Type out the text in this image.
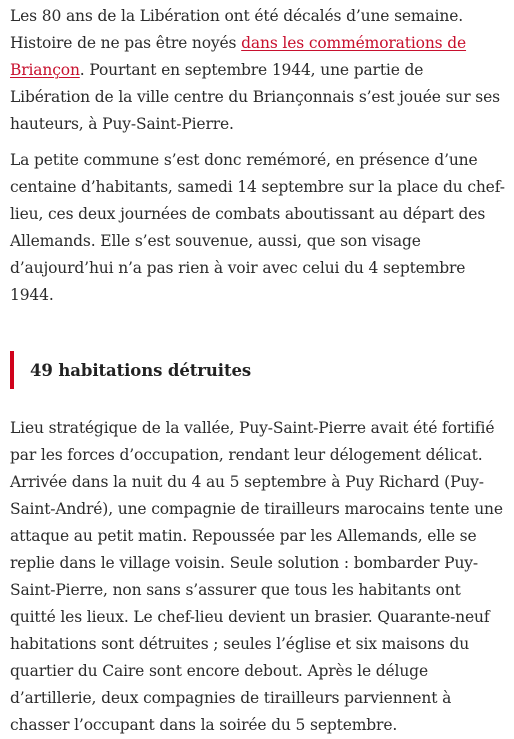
Les 80 ans de la Libération ont été décalés d’une semaine. Histoire de ne pas être noyés dans les commémorations de Briançon. Pourtant en septembre 1944, une partie de Libération de la ville centre du Briançonnais s’est jouée sur ses hauteurs, à Puy-Saint-Pierre.

La petite commune s’est donc remémoré, en présence d’une centaine d’habitants, samedi 14 septembre sur la place du chef-lieu, ces deux journées de combats aboutissant au départ des Allemands. Elle s’est souvenue, aussi, que son visage d’aujourd’hui n’a pas rien à voir avec celui du 4 septembre 1944.

49 habitations détruites

Lieu stratégique de la vallée, Puy-Saint-Pierre avait été fortifié par les forces d’occupation, rendant leur délogement délicat. Arrivée dans la nuit du 4 au 5 septembre à Puy Richard (Puy-Saint-André), une compagnie de tirailleurs marocains tente une attaque au petit matin. Repoussée par les Allemands, elle se replie dans le village voisin. Seule solution : bombarder Puy-Saint-Pierre, non sans s’assurer que tous les habitants ont quitté les lieux. Le chef-lieu devient un brasier. Quarante-neuf habitations sont détruites ; seules l’église et six maisons du quartier du Caire sont encore debout. Après le déluge d’artillerie, deux compagnies de tirailleurs parviennent à chasser l’occupant dans la soirée du 5 septembre.
